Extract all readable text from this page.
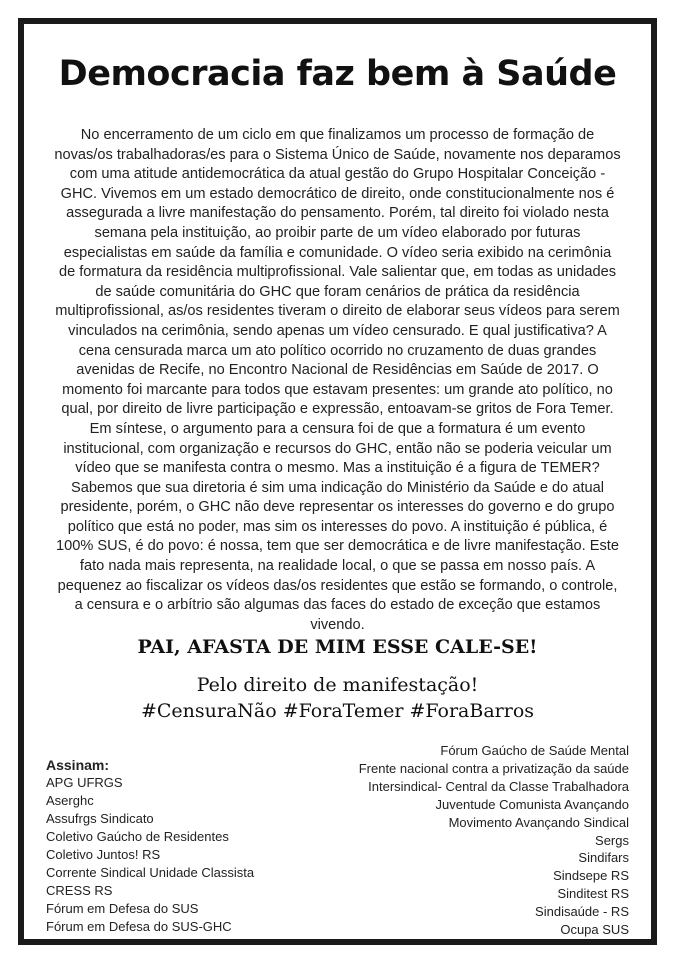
Democracia faz bem à Saúde

No encerramento de um ciclo em que finalizamos um processo de formação de novas/os trabalhadoras/es para o Sistema Único de Saúde, novamente nos deparamos com uma atitude antidemocrática da atual gestão do Grupo Hospitalar Conceição - GHC. Vivemos em um estado democrático de direito, onde constitucionalmente nos é assegurada a livre manifestação do pensamento. Porém, tal direito foi violado nesta semana pela instituição, ao proibir parte de um vídeo elaborado por futuras especialistas em saúde da família e comunidade. O vídeo seria exibido na cerimônia de formatura da residência multiprofissional. Vale salientar que, em todas as unidades de saúde comunitária do GHC que foram cenários de prática da residência multiprofissional, as/os residentes tiveram o direito de elaborar seus vídeos para serem vinculados na cerimônia, sendo apenas um vídeo censurado. E qual justificativa? A cena censurada marca um ato político ocorrido no cruzamento de duas grandes avenidas de Recife, no Encontro Nacional de Residências em Saúde de 2017. O momento foi marcante para todos que estavam presentes: um grande ato político, no qual, por direito de livre participação e expressão, entoavam-se gritos de Fora Temer. Em síntese, o argumento para a censura foi de que a formatura é um evento institucional, com organização e recursos do GHC, então não se poderia veicular um vídeo que se manifesta contra o mesmo. Mas a instituição é a figura de TEMER? Sabemos que sua diretoria é sim uma indicação do Ministério da Saúde e do atual presidente, porém, o GHC não deve representar os interesses do governo e do grupo político que está no poder, mas sim os interesses do povo. A instituição é pública, é 100% SUS, é do povo: é nossa, tem que ser democrática e de livre manifestação. Este fato nada mais representa, na realidade local, o que se passa em nosso país. A pequenez ao fiscalizar os vídeos das/os residentes que estão se formando, o controle, a censura e o arbítrio são algumas das faces do estado de exceção que estamos vivendo.

PAI, AFASTA DE MIM ESSE CALE-SE!

Pelo direito de manifestação!

#CensuraNão #ForaTemer #ForaBarros

Assinam:
APG UFRGS
Aserghc
Assufrgs Sindicato
Coletivo Gaúcho de Residentes
Coletivo Juntos! RS
Corrente Sindical Unidade Classista
CRESS RS
Fórum em Defesa do SUS
Fórum em Defesa do SUS-GHC
Fórum Gaúcho de Saúde Mental
Frente nacional contra a privatização da saúde
Intersindical- Central da Classe Trabalhadora
Juventude Comunista Avançando
Movimento Avançando Sindical
Sergs
Sindifars
Sindsepe RS
Sinditest RS
Sindisaúde - RS
Ocupa SUS
